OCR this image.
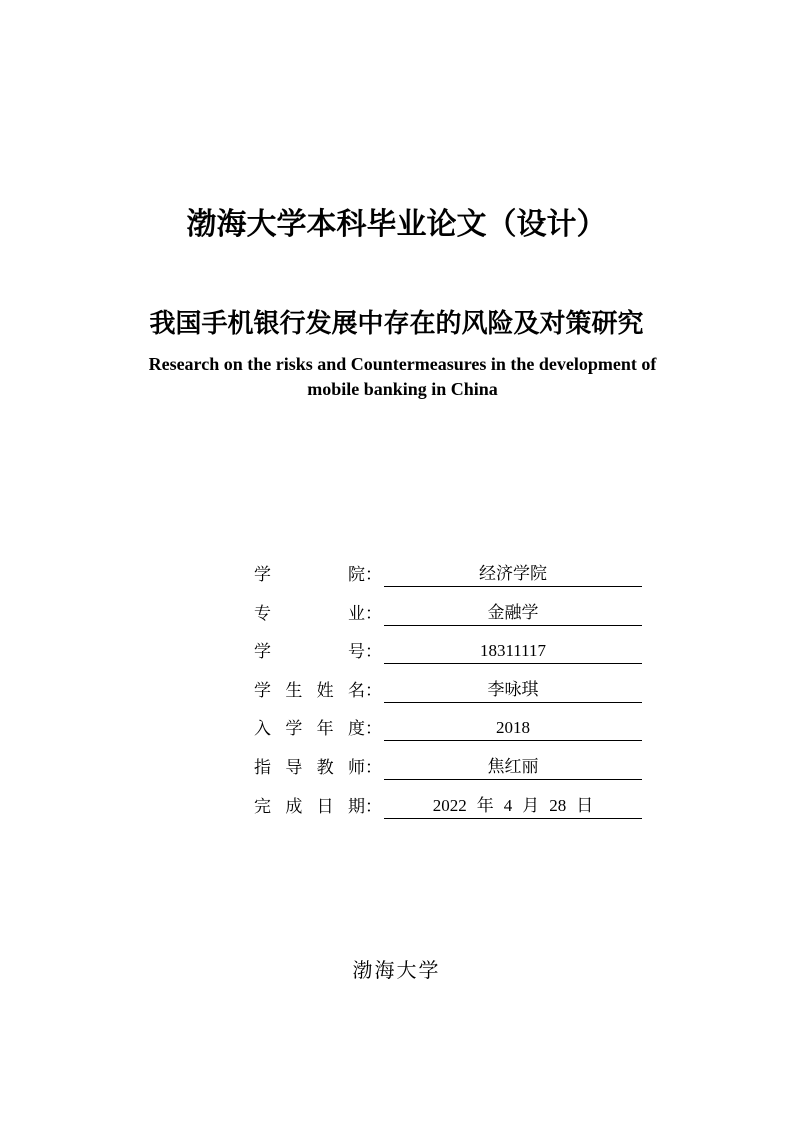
渤海大学本科毕业论文（设计）
我国手机银行发展中存在的风险及对策研究
Research on the risks and Countermeasures in the development of
mobile banking in China
学	院：	经济学院
专	业：	金融学
学	号：	18311117
学 生 姓 名：	李咏琪
入 学 年 度：	2018
指 导 教 师：	焦红丽
完 成 日 期：	2022 年 4 月 28 日
渤海大学
